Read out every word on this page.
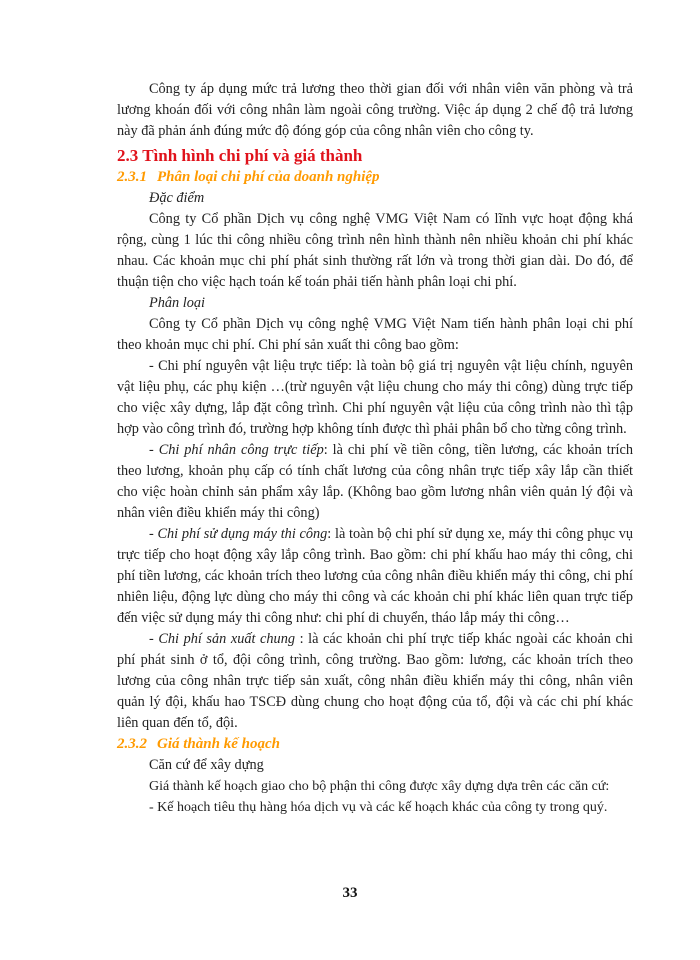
Công ty áp dụng mức trả lương theo thời gian đối với nhân viên văn phòng và trả lương khoán đối với công nhân làm ngoài công trường. Việc áp dụng 2 chế độ trả lương này đã phản ánh đúng mức độ đóng góp của công nhân viên cho công ty.

2.3 Tình hình chi phí và giá thành
2.3.1 Phân loại chi phí của doanh nghiệp

Đặc điểm

Công ty Cổ phần Dịch vụ công nghệ VMG Việt Nam có lĩnh vực hoạt động khá rộng, cùng 1 lúc thi công nhiều công trình nên hình thành nên nhiều khoản chi phí khác nhau. Các khoản mục chi phí phát sinh thường rất lớn và trong thời gian dài. Do đó, để thuận tiện cho việc hạch toán kế toán phải tiến hành phân loại chi phí.

Phân loại

Công ty Cổ phần Dịch vụ công nghệ VMG Việt Nam tiến hành phân loại chi phí theo khoản mục chi phí. Chi phí sản xuất thi công bao gồm:

- Chi phí nguyên vật liệu trực tiếp: là toàn bộ giá trị nguyên vật liệu chính, nguyên vật liệu phụ, các phụ kiện …(trừ nguyên vật liệu chung cho máy thi công) dùng trực tiếp cho việc xây dựng, lắp đặt công trình. Chi phí nguyên vật liệu của công trình nào thì tập hợp vào công trình đó, trường hợp không tính được thì phải phân bổ cho từng công trình.

- Chi phí nhân công trực tiếp: là chi phí về tiền công, tiền lương, các khoản trích theo lương, khoản phụ cấp có tính chất lương của công nhân trực tiếp xây lắp cần thiết cho việc hoàn chỉnh sản phẩm xây lắp. (Không bao gồm lương nhân viên quản lý đội và nhân viên điều khiển máy thi công)

- Chi phí sử dụng máy thi công: là toàn bộ chi phí sử dụng xe, máy thi công phục vụ trực tiếp cho hoạt động xây lắp công trình. Bao gồm: chi phí khấu hao máy thi công, chi phí tiền lương, các khoản trích theo lương của công nhân điều khiển máy thi công, chi phí nhiên liệu, động lực dùng cho máy thi công và các khoản chi phí khác liên quan trực tiếp đến việc sử dụng máy thi công như: chi phí di chuyển, tháo lắp máy thi công…

- Chi phí sản xuất chung : là các khoản chi phí trực tiếp khác ngoài các khoản chi phí phát sinh ở tổ, đội công trình, công trường. Bao gồm: lương, các khoản trích theo lương của công nhân trực tiếp sản xuất, công nhân điều khiển máy thi công, nhân viên quản lý đội, khấu hao TSCĐ dùng chung cho hoạt động của tổ, đội và các chi phí khác liên quan đến tổ, đội.

2.3.2 Giá thành kế hoạch

Căn cứ để xây dựng

Giá thành kế hoạch giao cho bộ phận thi công được xây dựng dựa trên các căn cứ:

- Kế hoạch tiêu thụ hàng hóa dịch vụ và các kế hoạch khác của công ty trong quý.

33
